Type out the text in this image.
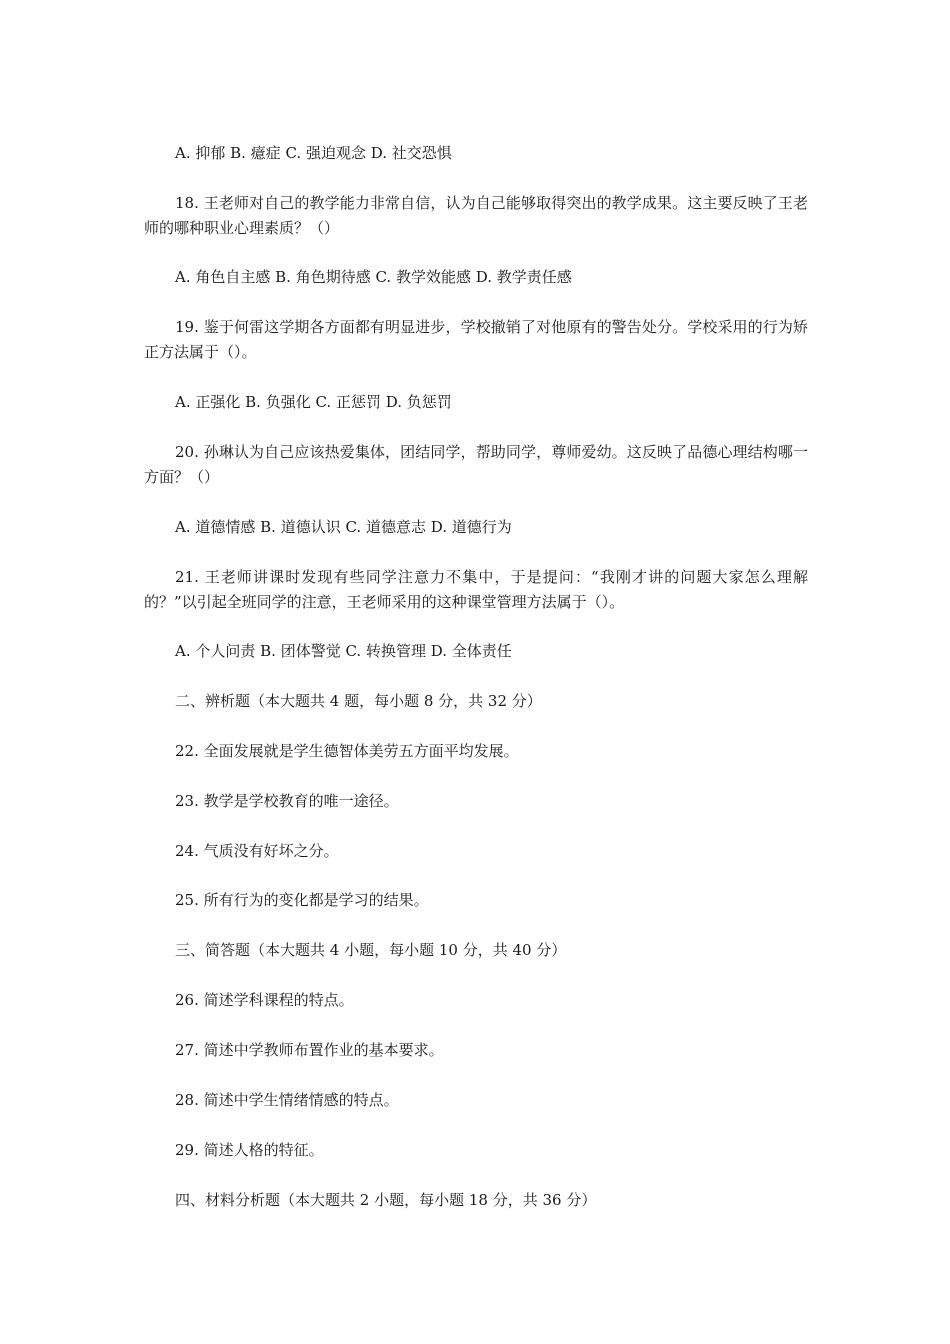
A. 抑郁 B. 癔症 C. 强迫观念 D. 社交恐惧

18. 王老师对自己的教学能力非常自信，认为自己能够取得突出的教学成果。这主要反映了王老师的哪种职业心理素质？（）

A. 角色自主感 B. 角色期待感 C. 教学效能感 D. 教学责任感

19. 鉴于何雷这学期各方面都有明显进步，学校撤销了对他原有的警告处分。学校采用的行为矫正方法属于（）。

A. 正强化 B. 负强化 C. 正惩罚 D. 负惩罚

20. 孙琳认为自己应该热爱集体，团结同学，帮助同学，尊师爱幼。这反映了品德心理结构哪一方面？（）

A. 道德情感 B. 道德认识 C. 道德意志 D. 道德行为

21. 王老师讲课时发现有些同学注意力不集中，于是提问：“我刚才讲的问题大家怎么理解的？”以引起全班同学的注意，王老师采用的这种课堂管理方法属于（）。

A. 个人问责 B. 团体警觉 C. 转换管理 D. 全体责任

二、辨析题（本大题共 4 题，每小题 8 分，共 32 分）

22. 全面发展就是学生德智体美劳五方面平均发展。

23. 教学是学校教育的唯一途径。

24. 气质没有好坏之分。

25. 所有行为的变化都是学习的结果。

三、简答题（本大题共 4 小题，每小题 10 分，共 40 分）

26. 简述学科课程的特点。

27. 简述中学教师布置作业的基本要求。

28. 简述中学生情绪情感的特点。

29. 简述人格的特征。

四、材料分析题（本大题共 2 小题，每小题 18 分，共 36 分）
